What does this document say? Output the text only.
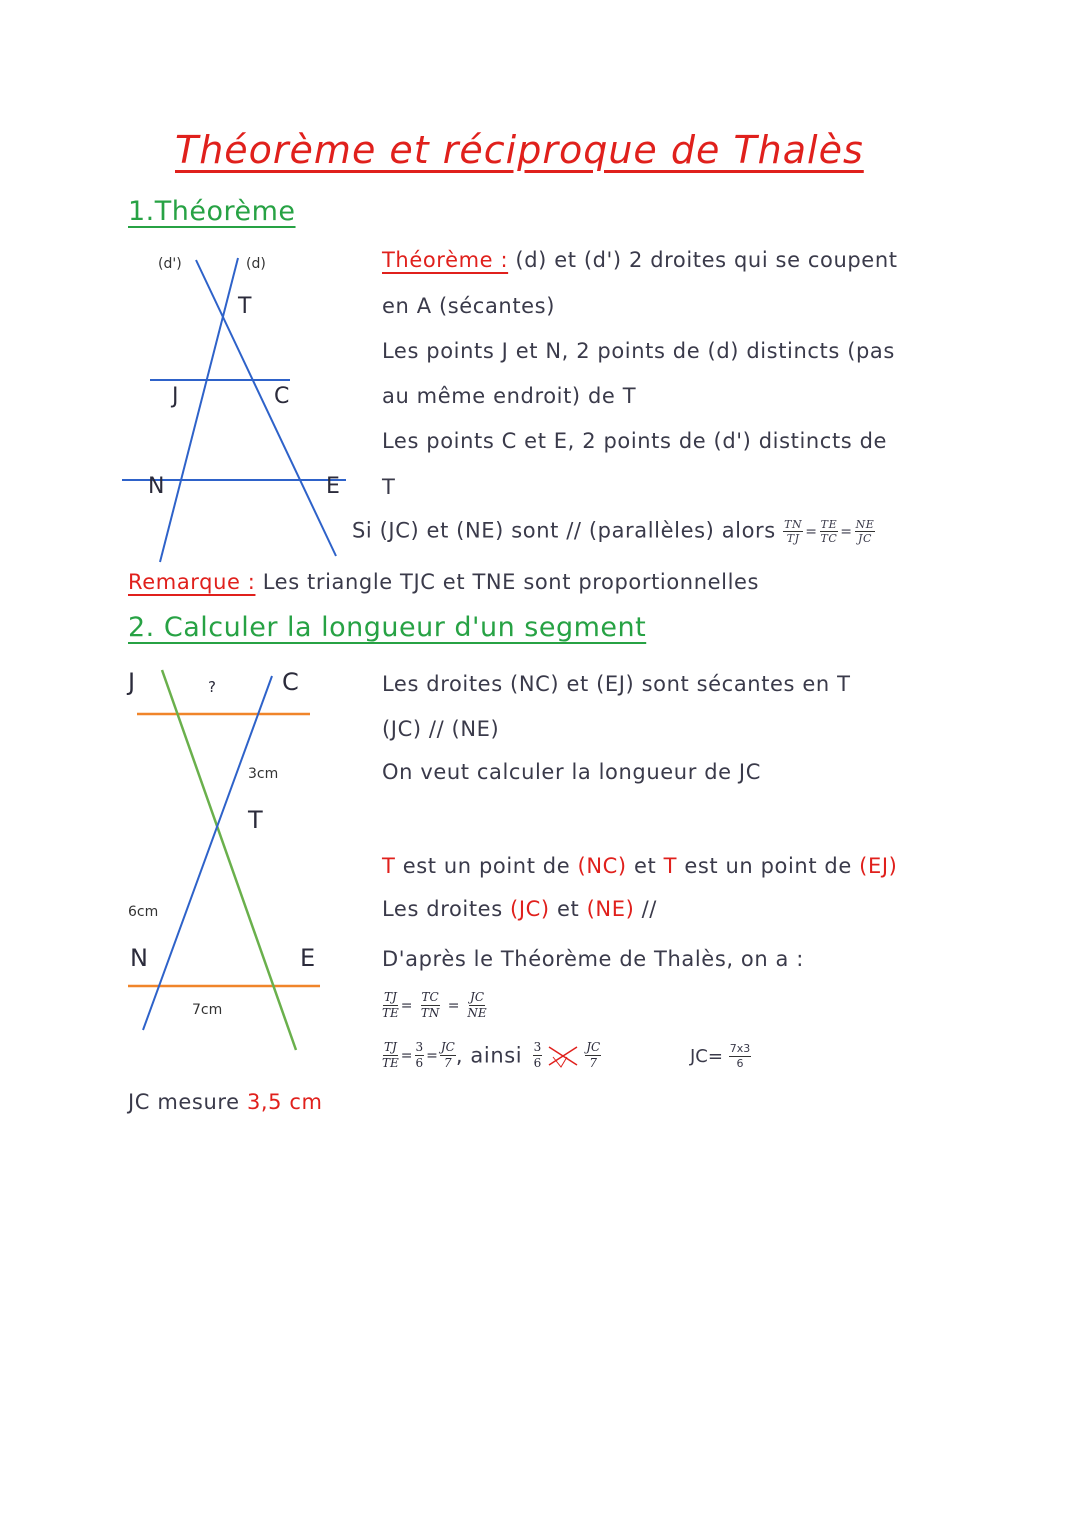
Théorème et réciproque de Thalès
1.Théorème
(d')	(d)
T
J	C
N	E
Théorème : (d) et (d') 2 droites qui se coupent
en A (sécantes)
Les points J et N, 2 points de (d) distincts (pas
au même endroit) de T
Les points C et E, 2 points de (d') distincts de
T
Si (JC) et (NE) sont // (parallèles) alors $\frac{TN}{TJ} = \frac{TE}{TC} = \frac{NE}{JC}$
Remarque : Les triangle TJC et TNE sont proportionnelles
2. Calculer la longueur d'un segment
J	?	C
3cm
T
6cm
N	E
7cm
Les droites (NC) et (EJ) sont sécantes en T
(JC) // (NE)
On veut calculer la longueur de JC
T est un point de (NC) et T est un point de (EJ)
Les droites (JC) et (NE) //
D'après le Théorème de Thalès, on a :
$\frac{TJ}{TE} = \frac{TC}{TN} = \frac{JC}{NE}$
$\frac{TJ}{TE} = \frac{3}{6} = \frac{JC}{7}$ , ainsi $\frac{3}{6}$
	$\frac{JC}{7}$	$JC= \frac{7x3}{6}$
JC mesure 3,5 cm
